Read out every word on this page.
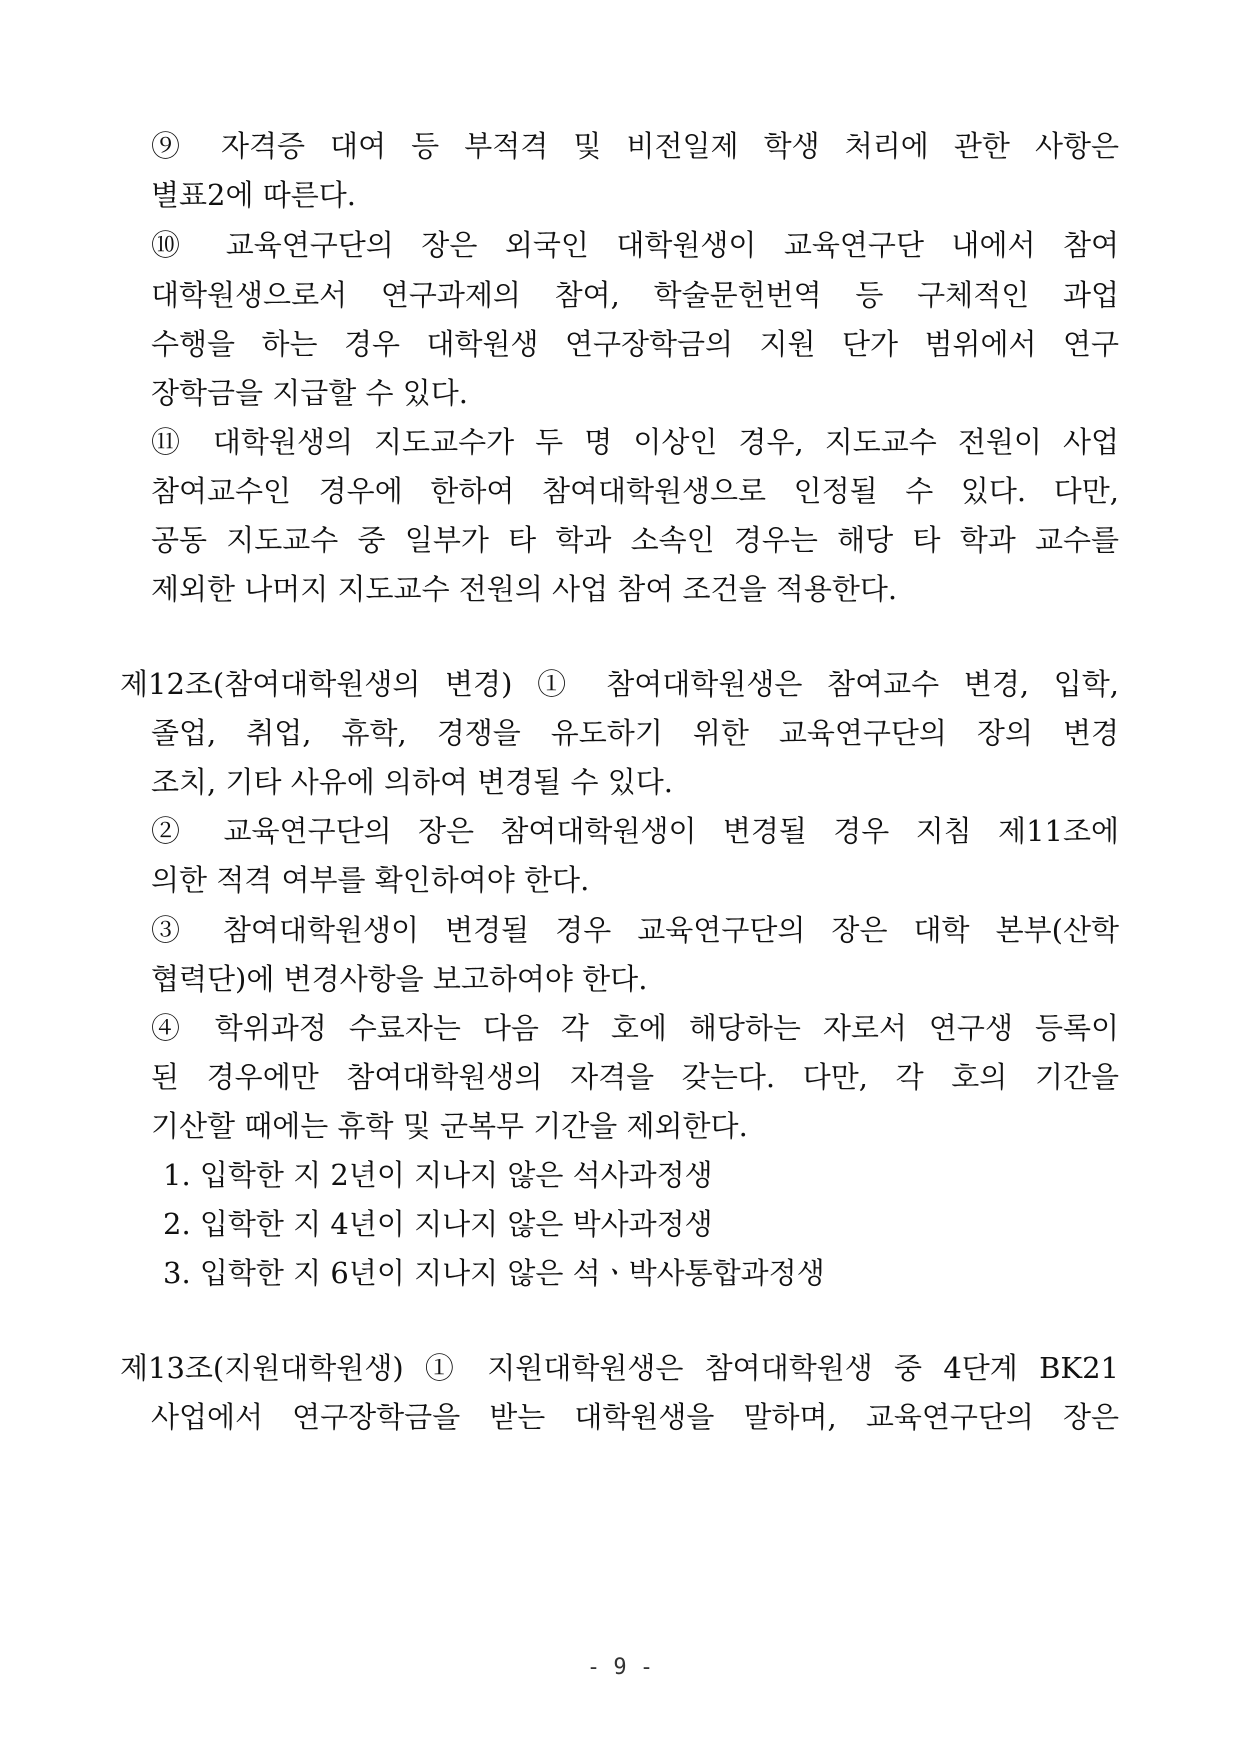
⑨ 자격증 대여 등 부적격 및 비전일제 학생 처리에 관한 사항은
별표2에 따른다.
⑩ 교육연구단의 장은 외국인 대학원생이 교육연구단 내에서 참여
대학원생으로서 연구과제의 참여, 학술문헌번역 등 구체적인 과업
수행을 하는 경우 대학원생 연구장학금의 지원 단가 범위에서 연구
장학금을 지급할 수 있다.
⑪ 대학원생의 지도교수가 두 명 이상인 경우, 지도교수 전원이 사업
참여교수인 경우에 한하여 참여대학원생으로 인정될 수 있다. 다만,
공동 지도교수 중 일부가 타 학과 소속인 경우는 해당 타 학과 교수를
제외한 나머지 지도교수 전원의 사업 참여 조건을 적용한다.
제12조(참여대학원생의 변경) ① 참여대학원생은 참여교수 변경, 입학,
졸업, 취업, 휴학, 경쟁을 유도하기 위한 교육연구단의 장의 변경
조치, 기타 사유에 의하여 변경될 수 있다.
② 교육연구단의 장은 참여대학원생이 변경될 경우 지침 제11조에
의한 적격 여부를 확인하여야 한다.
③ 참여대학원생이 변경될 경우 교육연구단의 장은 대학 본부(산학
협력단)에 변경사항을 보고하여야 한다.
④ 학위과정 수료자는 다음 각 호에 해당하는 자로서 연구생 등록이
된 경우에만 참여대학원생의 자격을 갖는다. 다만, 각 호의 기간을
기산할 때에는 휴학 및 군복무 기간을 제외한다.
1. 입학한 지 2년이 지나지 않은 석사과정생
2. 입학한 지 4년이 지나지 않은 박사과정생
3. 입학한 지 6년이 지나지 않은 석ㆍ박사통합과정생
제13조(지원대학원생) ① 지원대학원생은 참여대학원생 중 4단계 BK21
사업에서 연구장학금을 받는 대학원생을 말하며, 교육연구단의 장은
- 9 -
